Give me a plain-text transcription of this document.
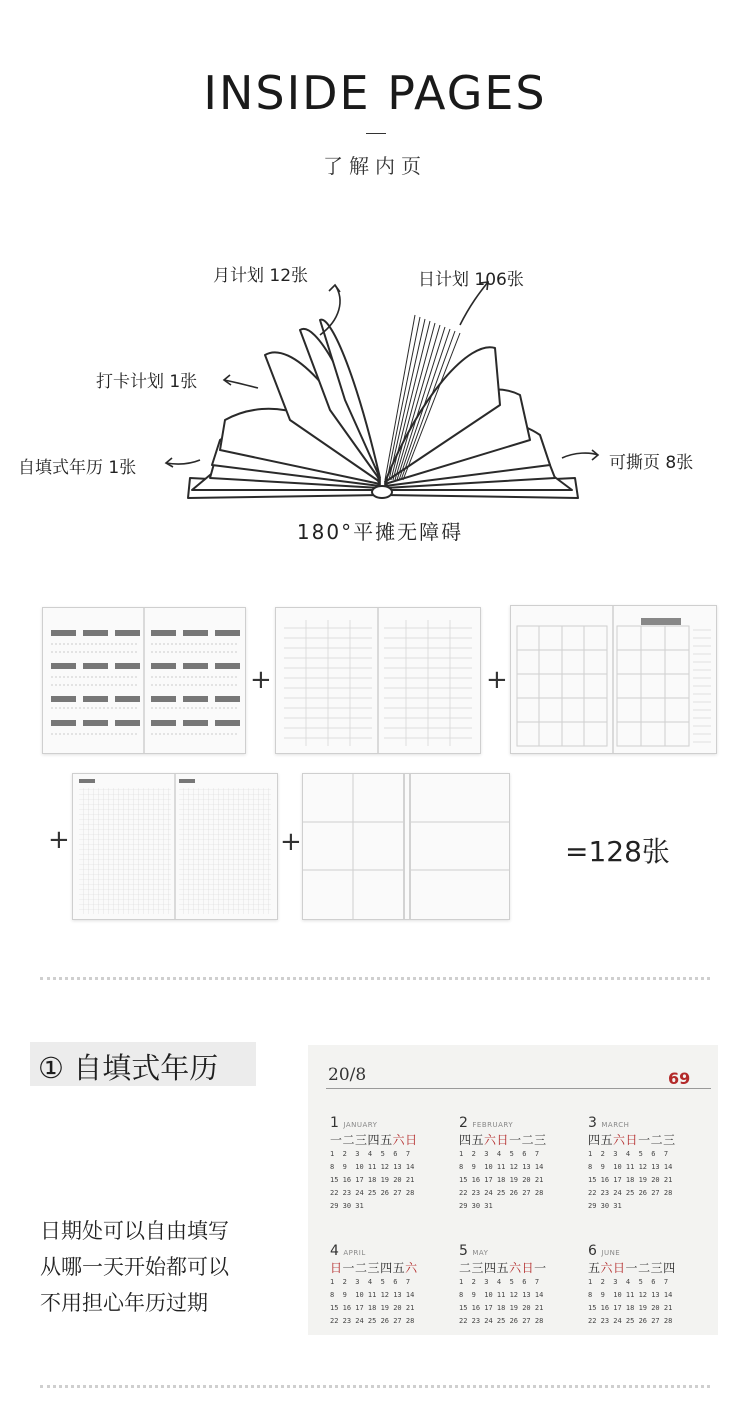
INSIDE PAGES
了解内页
月计划 12张	日计划 106张
打卡计划 1张
自填式年历 1张	可撕页 8张
180°平摊无障碍
+	+
+	+	=128张
① 自填式年历
日期处可以自由填写
从哪一天开始都可以
不用担心年历过期
20/8	69
1 JANUARY
一二三四五六日
1  2  3  4  5  6  7
8  9  10 11 12 13 14
15 16 17 18 19 20 21
22 23 24 25 26 27 28
29 30 31
2 FEBRUARY
四五六日一二三
1  2  3  4  5  6  7
8  9  10 11 12 13 14
15 16 17 18 19 20 21
22 23 24 25 26 27 28
29 30 31
3 MARCH
四五六日一二三
1  2  3  4  5  6  7
8  9  10 11 12 13 14
15 16 17 18 19 20 21
22 23 24 25 26 27 28
29 30 31
4 APRIL
日一二三四五六
1  2  3  4  5  6  7
8  9  10 11 12 13 14
15 16 17 18 19 20 21
22 23 24 25 26 27 28
5 MAY
二三四五六日一
1  2  3  4  5  6  7
8  9  10 11 12 13 14
15 16 17 18 19 20 21
22 23 24 25 26 27 28
6 JUNE
五六日一二三四
1  2  3  4  5  6  7
8  9  10 11 12 13 14
15 16 17 18 19 20 21
22 23 24 25 26 27 28
